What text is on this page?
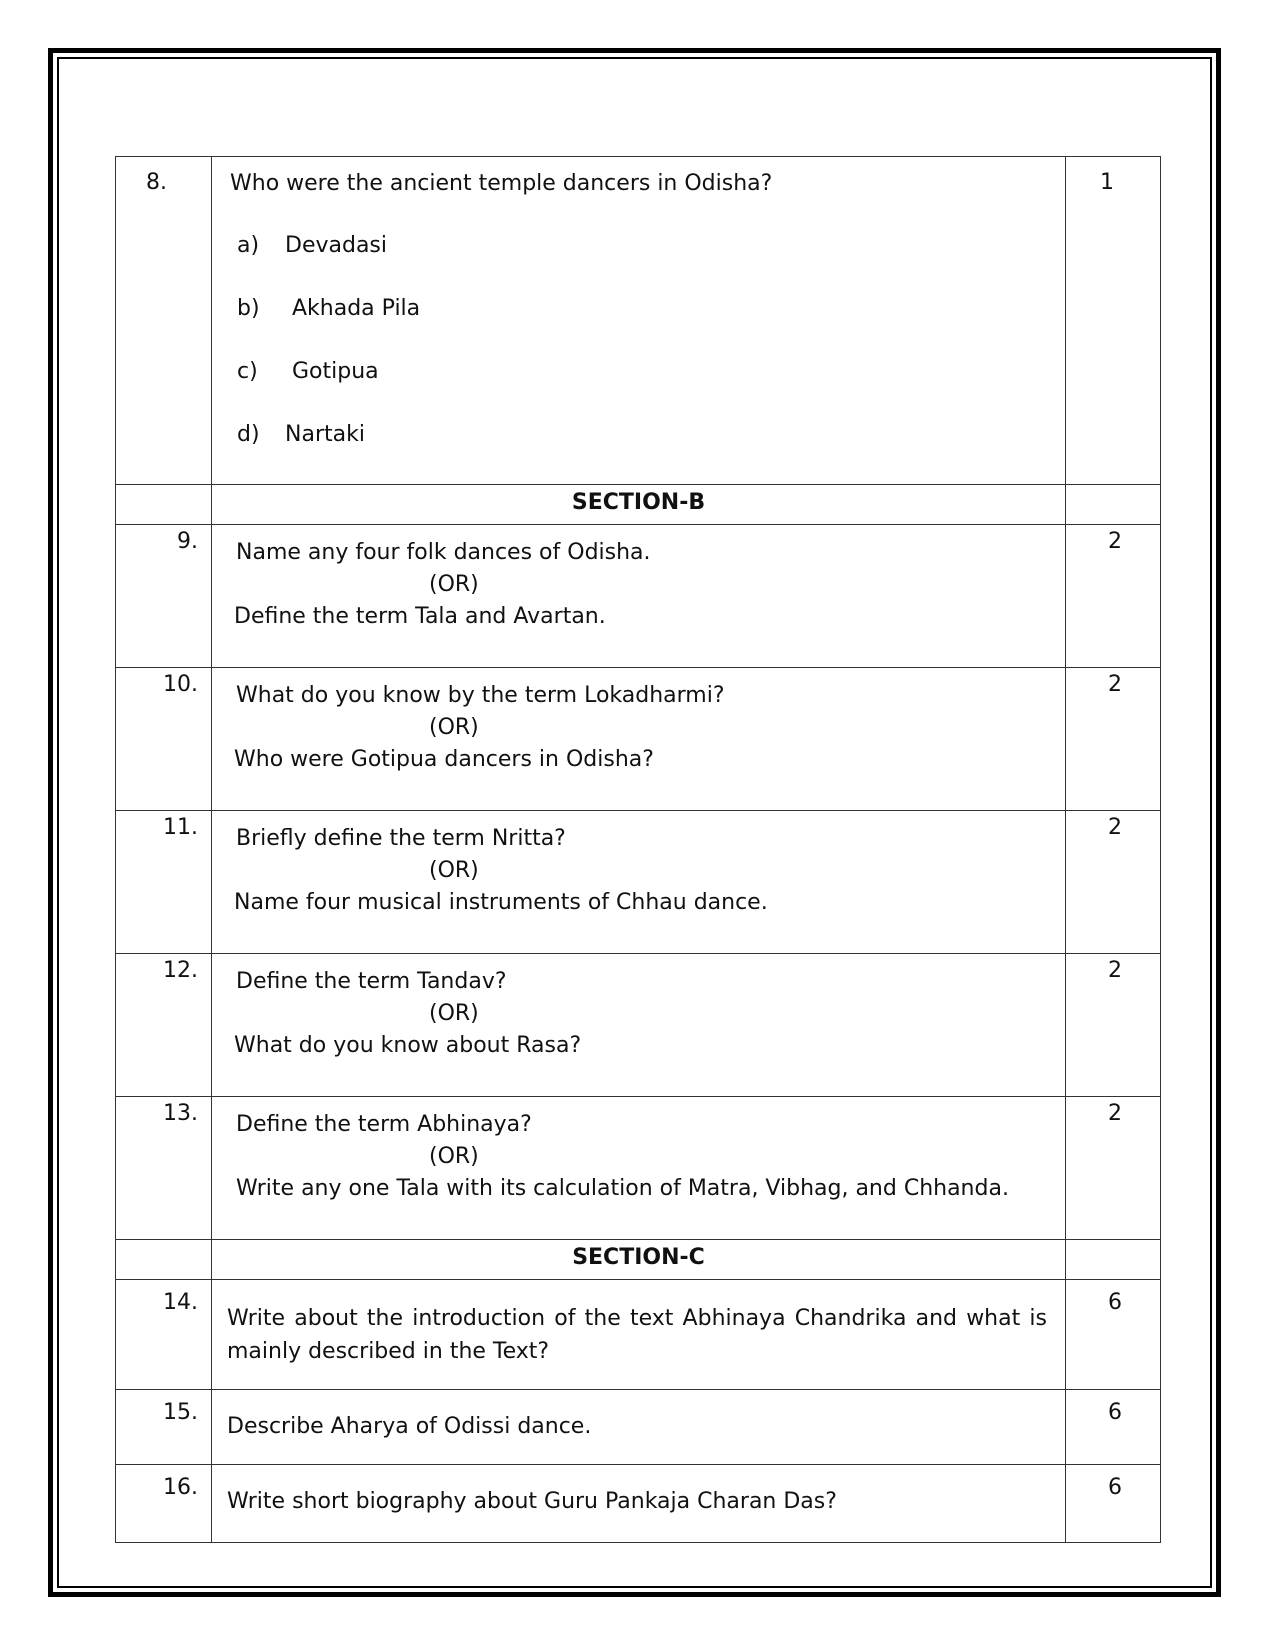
8.	Who were the ancient temple dancers in Odisha?
a) Devadasi
b) Akhada Pila
c) Gotipua
d) Nartaki	1
	SECTION-B	
9.	Name any four folk dances of Odisha.
(OR)
Define the term Tala and Avartan.	2
10.	What do you know by the term Lokadharmi?
(OR)
Who were Gotipua dancers in Odisha?	2
11.	Briefly define the term Nritta?
(OR)
Name four musical instruments of Chhau dance.	2
12.	Define the term Tandav?
(OR)
What do you know about Rasa?	2
13.	Define the term Abhinaya?
(OR)
Write any one Tala with its calculation of Matra, Vibhag, and Chhanda.	2
	SECTION-C	
14.	Write about the introduction of the text Abhinaya Chandrika and what is mainly described in the Text?	6
15.	Describe Aharya of Odissi dance.	6
16.	Write short biography about Guru Pankaja Charan Das?	6
